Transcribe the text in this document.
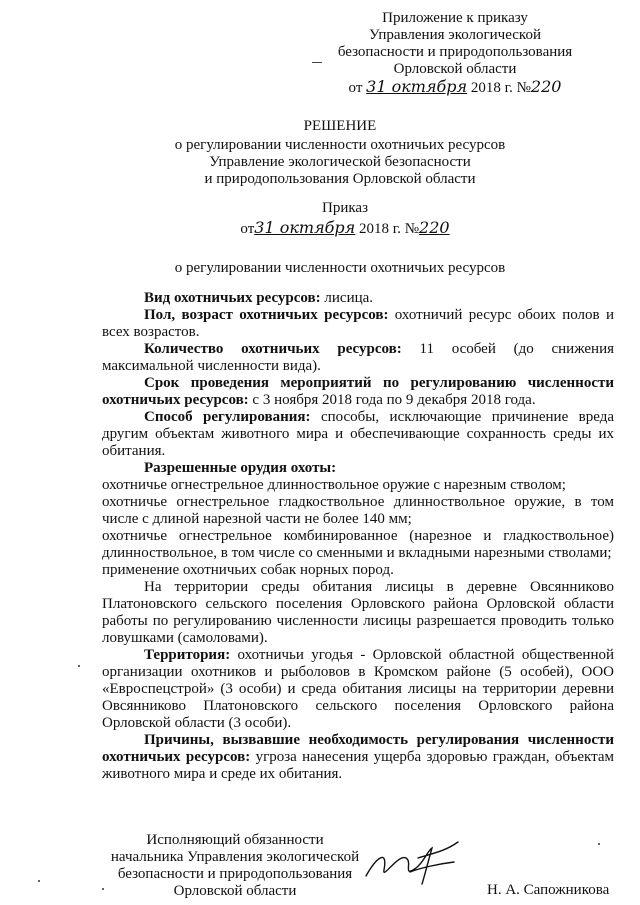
Приложение к приказу
Управления экологической
безопасности и природопользования
Орловской области
от 31 октября 2018 г. №220
РЕШЕНИЕ
о регулировании численности охотничьих ресурсов
Управление экологической безопасности
и природопользования Орловской области
Приказ
от31 октября 2018 г. №220
о регулировании численности охотничьих ресурсов

Вид охотничьих ресурсов: лисица.

Пол, возраст охотничьих ресурсов: охотничий ресурс обоих полов и всех возрастов.

Количество охотничьих ресурсов: 11 особей (до снижения максимальной численности вида).

Срок проведения мероприятий по регулированию численности охотничьих ресурсов: с 3 ноября 2018 года по 9 декабря 2018 года.

Способ регулирования: способы, исключающие причинение вреда другим объектам животного мира и обеспечивающие сохранность среды их обитания.

Разрешенные орудия охоты:

охотничье огнестрельное длинноствольное оружие с нарезным стволом;

охотничье огнестрельное гладкоствольное длинноствольное оружие, в том числе с длиной нарезной части не более 140 мм;

охотничье огнестрельное комбинированное (нарезное и гладкоствольное) длинноствольное, в том числе со сменными и вкладными нарезными стволами;

применение охотничьих собак норных пород.

На территории среды обитания лисицы в деревне Овсянниково Платоновского сельского поселения Орловского района Орловской области работы по регулированию численности лисицы разрешается проводить только ловушками (самоловами).

Территория: охотничьи угодья - Орловской областной общественной организации охотников и рыболовов в Кромском районе (5 особей), ООО «Евроспецстрой» (3 особи) и среда обитания лисицы на территории деревни Овсянниково Платоновского сельского поселения Орловского района Орловской области (3 особи).

Причины, вызвавшие необходимость регулирования численности охотничьих ресурсов: угроза нанесения ущерба здоровью граждан, объектам животного мира и среде их обитания.

Исполняющий обязанности
начальника Управления экологической
безопасности и природопользования
Орловской области	Н. А. Сапожникова
